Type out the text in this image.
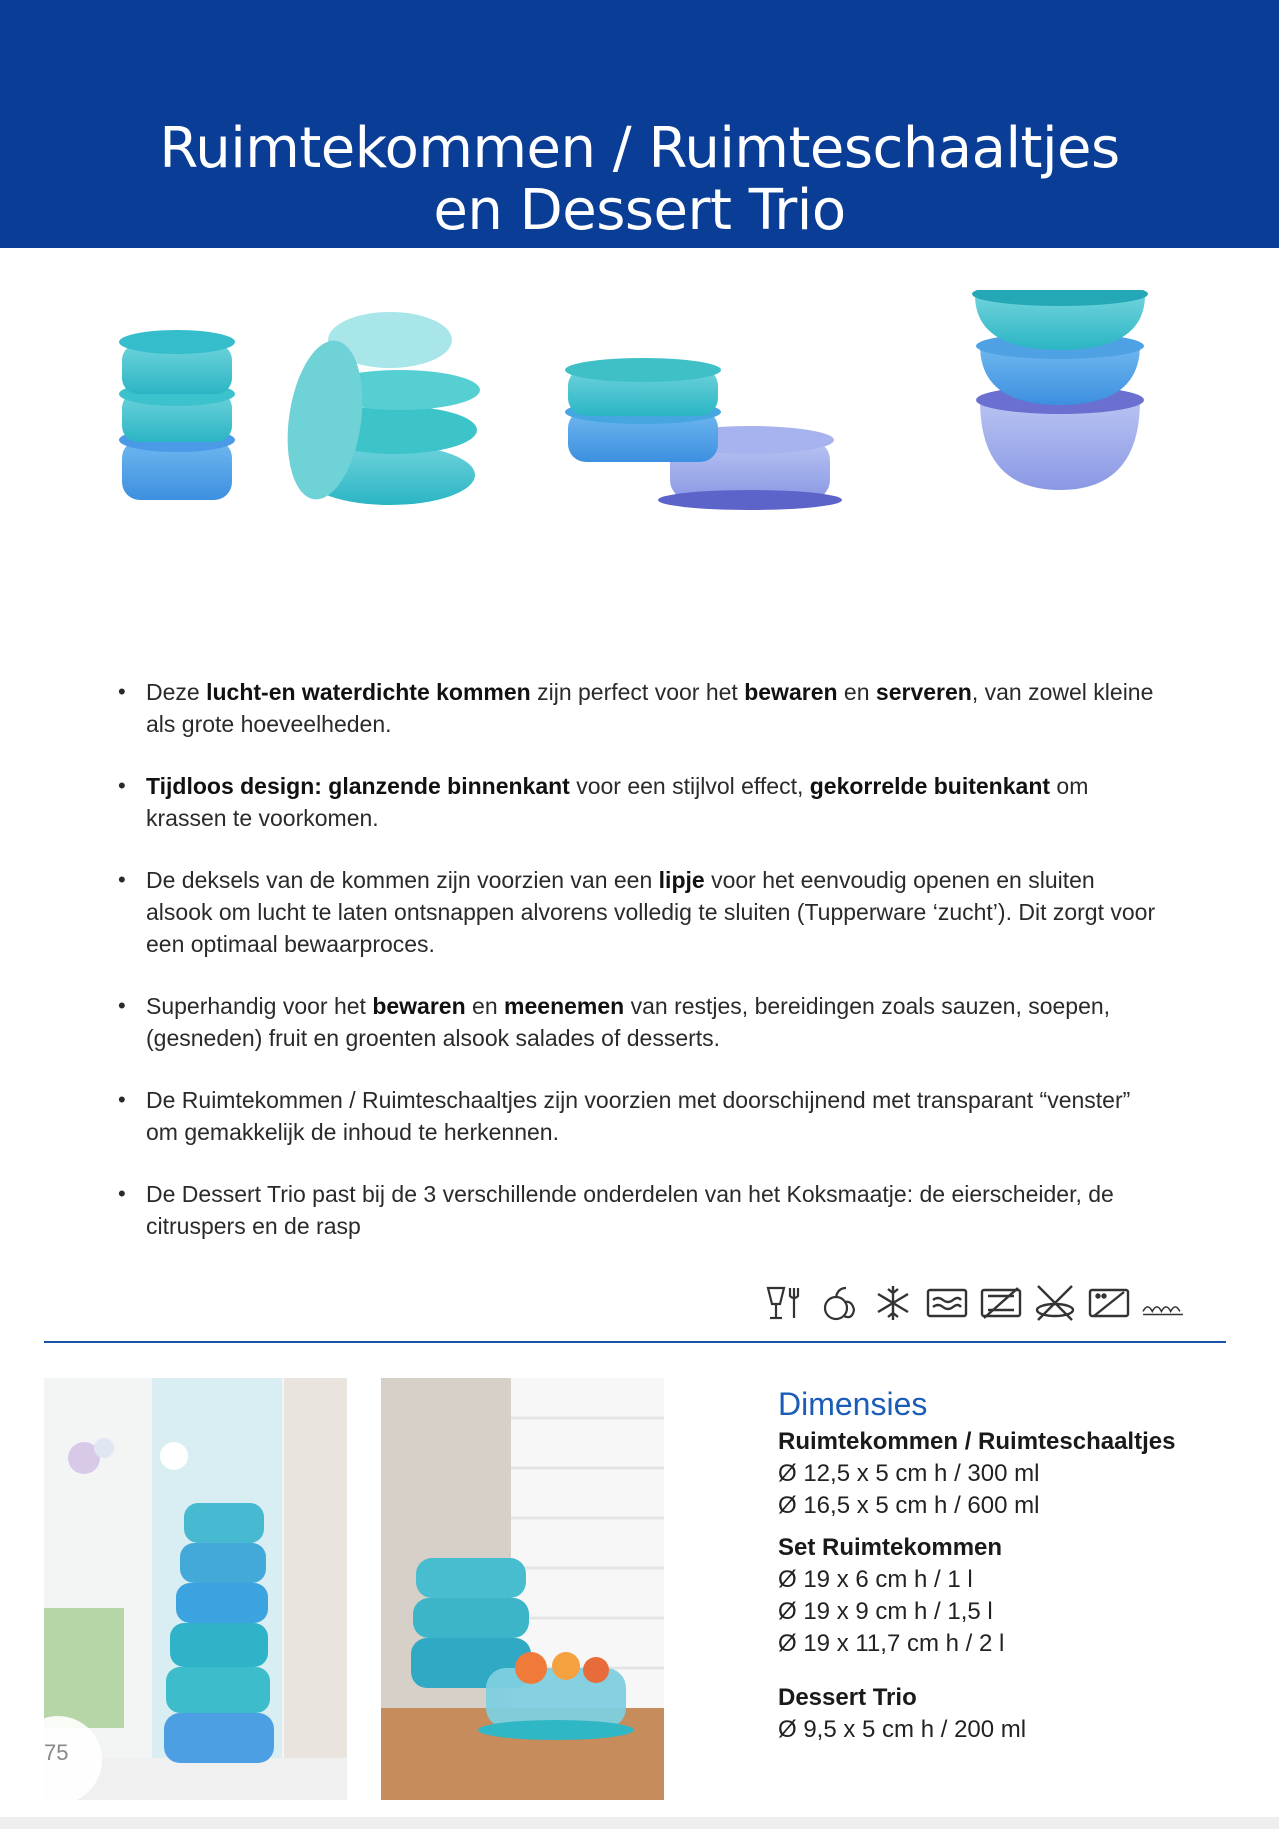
Ruimtekommen / Ruimteschaaltjes
en Dessert Trio
• Deze lucht-en waterdichte kommen zijn perfect voor het bewaren en serveren, van zowel kleine als grote hoeveelheden.
• Tijdloos design: glanzende binnenkant voor een stijlvol effect, gekorrelde buitenkant om krassen te voorkomen.
• De deksels van de kommen zijn voorzien van een lipje voor het eenvoudig openen en sluiten alsook om lucht te laten ontsnappen alvorens volledig te sluiten (Tupperware ‘zucht’). Dit zorgt voor een optimaal bewaarproces.
• Superhandig voor het bewaren en meenemen van restjes, bereidingen zoals sauzen, soepen, (gesneden) fruit en groenten alsook salades of desserts.
• De Ruimtekommen / Ruimteschaaltjes zijn voorzien met doorschijnend met transparant “venster” om gemakkelijk de inhoud te herkennen.
• De Dessert Trio past bij de 3 verschillende onderdelen van het Koksmaatje: de eierscheider, de citruspers en de rasp
75
Dimensies
Ruimtekommen / Ruimteschaaltjes
Ø 12,5 x 5 cm h / 300 ml
Ø 16,5 x 5 cm h / 600 ml
Set Ruimtekommen
Ø 19 x 6 cm h / 1 l
Ø 19 x 9 cm h / 1,5 l
Ø 19 x 11,7 cm h / 2 l
Dessert Trio
Ø 9,5 x 5 cm h / 200 ml
